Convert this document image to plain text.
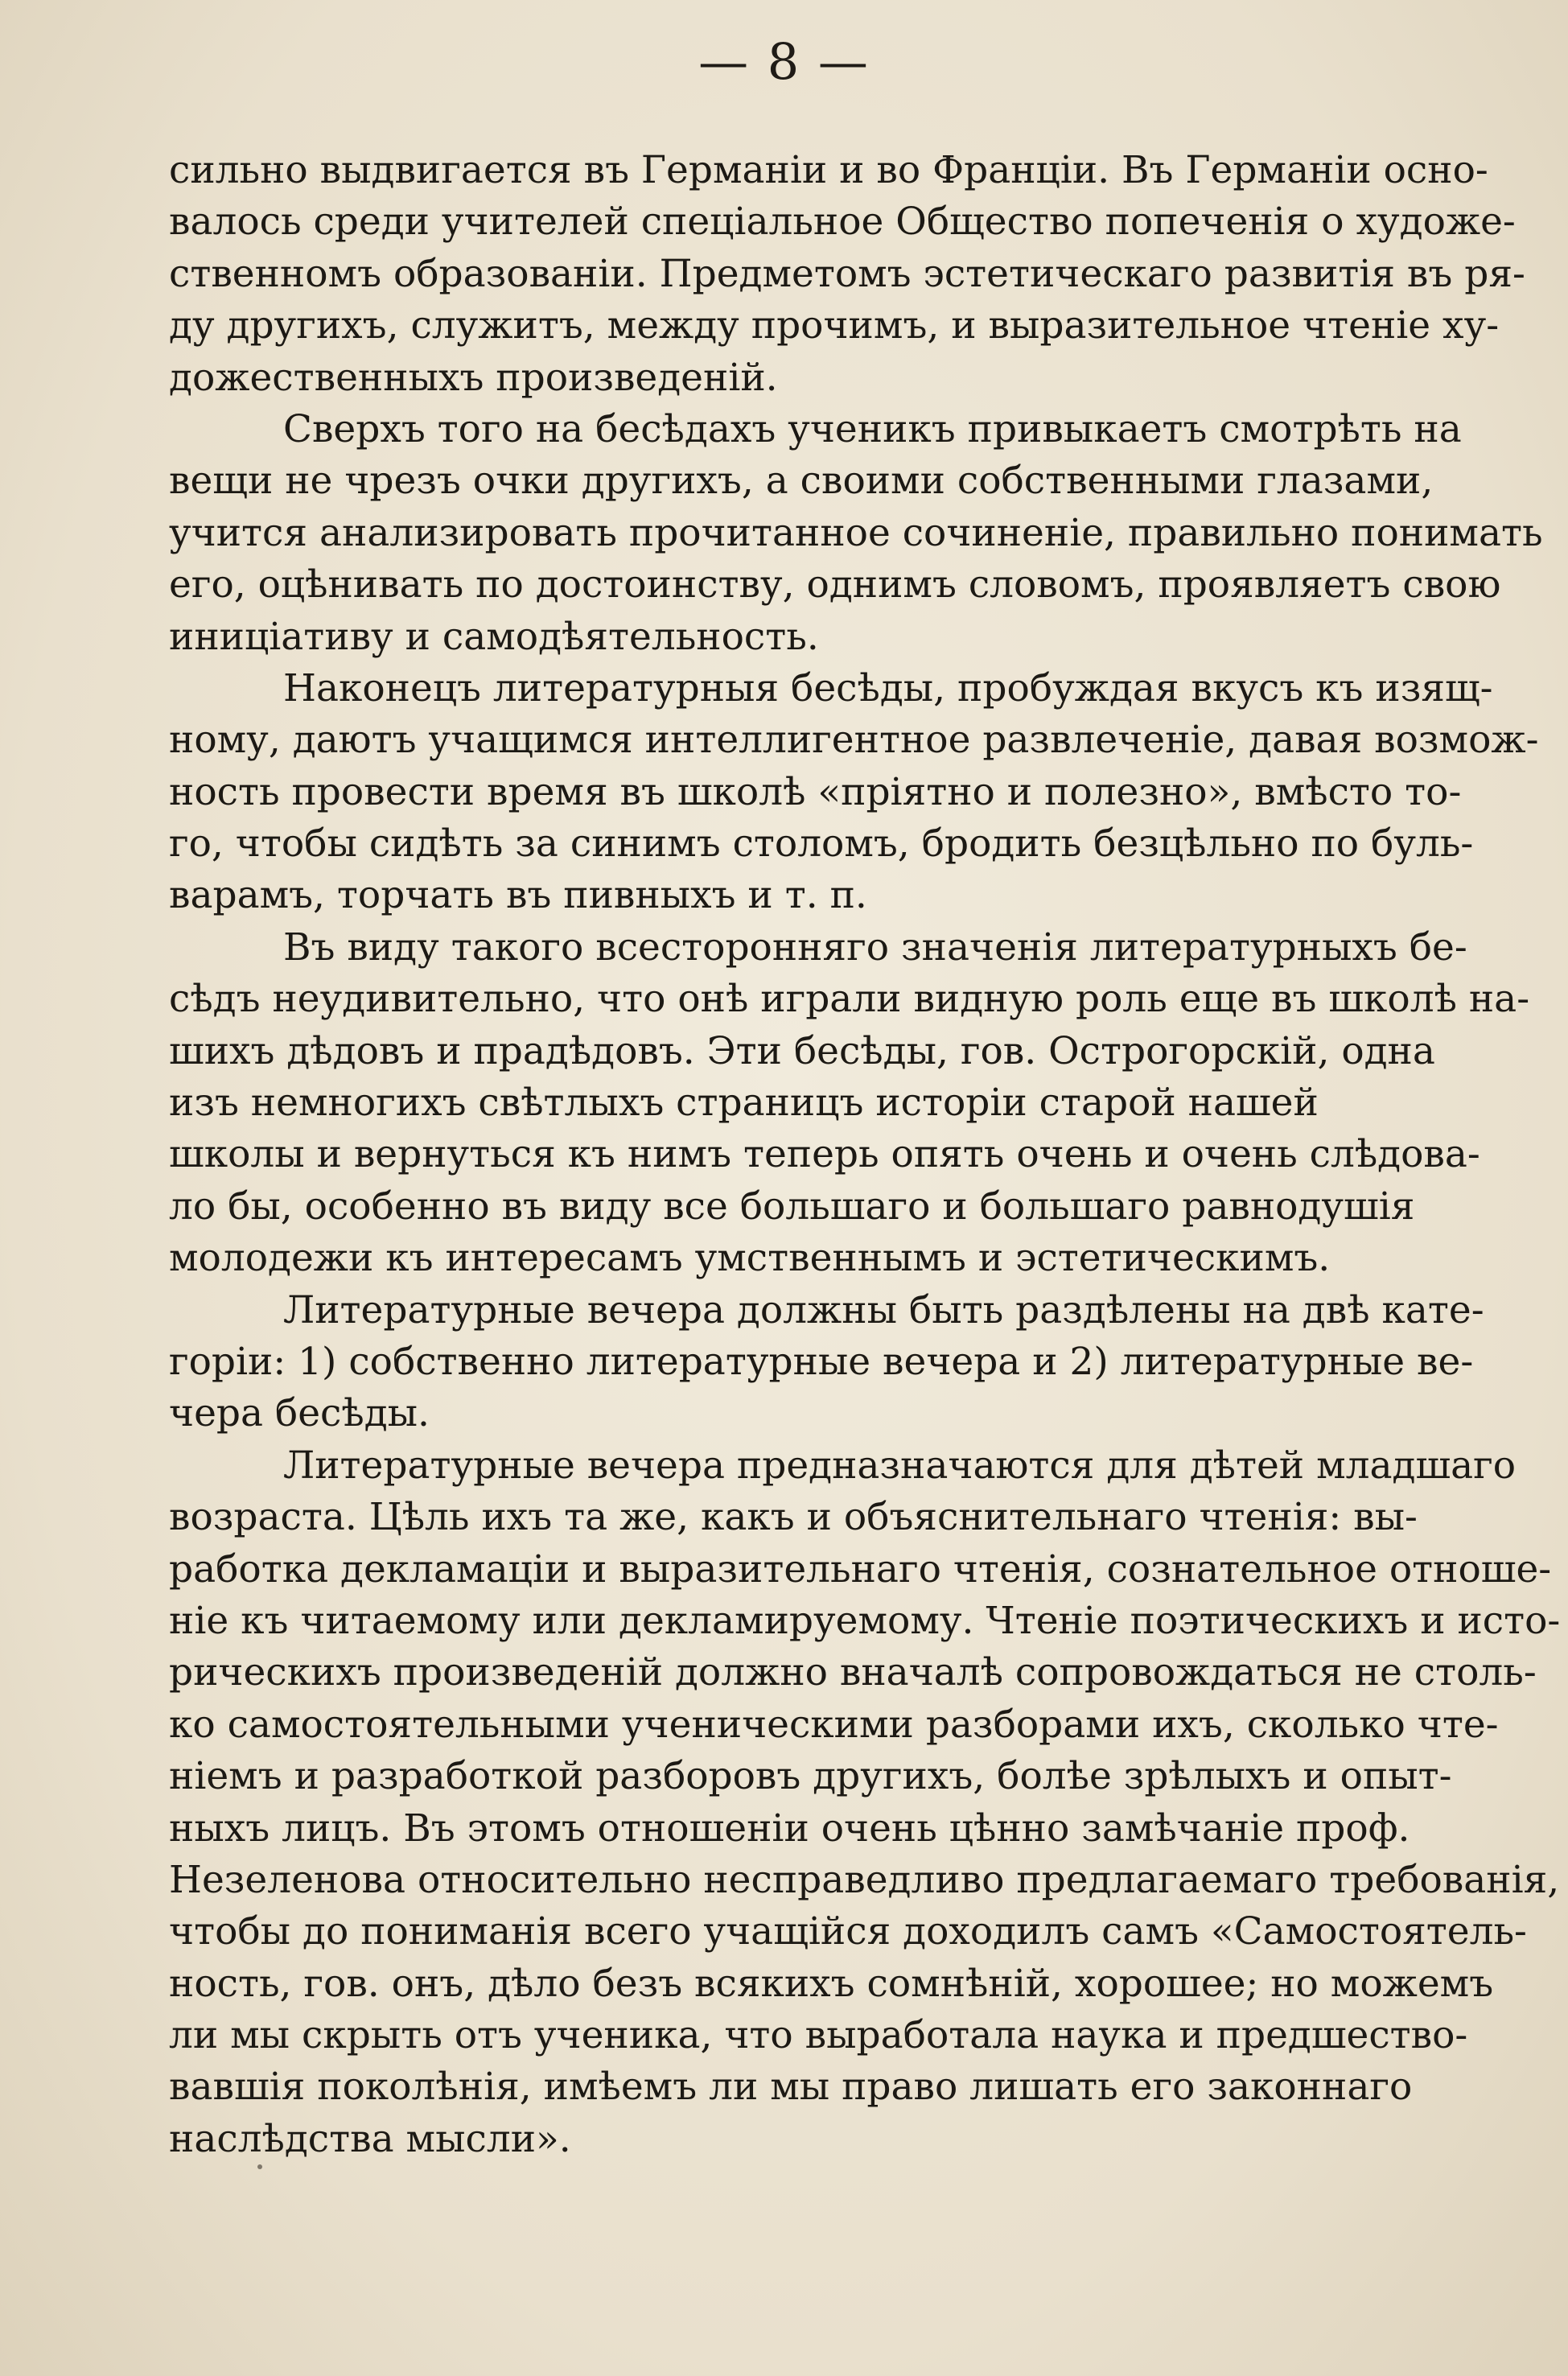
— 8 —
сильно выдвигается въ Германіи и во Франціи. Въ Германіи осно-
валось среди учителей спеціальное Общество попеченія о художе-
ственномъ образованіи. Предметомъ эстетическаго развитія въ ря-
ду другихъ, служитъ, между прочимъ, и выразительное чтеніе ху-
дожественныхъ произведеній.
Сверхъ того на бесѣдахъ ученикъ привыкаетъ смотрѣть на
вещи не чрезъ очки другихъ, а своими собственными глазами,
учится анализировать прочитанное сочиненіе, правильно понимать
его, оцѣнивать по достоинству, однимъ словомъ, проявляетъ свою
иниціативу и самодѣятельность.
Наконецъ литературныя бесѣды, пробуждая вкусъ къ изящ-
ному, даютъ учащимся интеллигентное развлеченіе, давая возмож-
ность провести время въ школѣ «пріятно и полезно», вмѣсто то-
го, чтобы сидѣть за синимъ столомъ, бродить безцѣльно по буль-
варамъ, торчать въ пивныхъ и т. п.
Въ виду такого всесторонняго значенія литературныхъ бе-
сѣдъ неудивительно, что онѣ играли видную роль еще въ школѣ на-
шихъ дѣдовъ и прадѣдовъ. Эти бесѣды, гов. Острогорскій, одна
изъ немногихъ свѣтлыхъ страницъ исторіи старой нашей
школы и вернуться къ нимъ теперь опять очень и очень слѣдова-
ло бы, особенно въ виду все большаго и большаго равнодушія
молодежи къ интересамъ умственнымъ и эстетическимъ.
Литературные вечера должны быть раздѣлены на двѣ кате-
горіи: 1) собственно литературные вечера и 2) литературные ве-
чера бесѣды.
Литературные вечера предназначаются для дѣтей младшаго
возраста. Цѣль ихъ та же, какъ и объяснительнаго чтенія: вы-
работка декламаціи и выразительнаго чтенія, сознательное отноше-
ніе къ читаемому или декламируемому. Чтеніе поэтическихъ и исто-
рическихъ произведеній должно вначалѣ сопровождаться не столь-
ко самостоятельными ученическими разборами ихъ, сколько чте-
ніемъ и разработкой разборовъ другихъ, болѣе зрѣлыхъ и опыт-
ныхъ лицъ. Въ этомъ отношеніи очень цѣнно замѣчаніе проф.
Незеленова относительно несправедливо предлагаемаго требованія,
чтобы до пониманія всего учащійся доходилъ самъ «Самостоятель-
ность, гов. онъ, дѣло безъ всякихъ сомнѣній, хорошее; но можемъ
ли мы скрыть отъ ученика, что выработала наука и предшество-
вавшія поколѣнія, имѣемъ ли мы право лишать его законнаго
наслѣдства мысли».
